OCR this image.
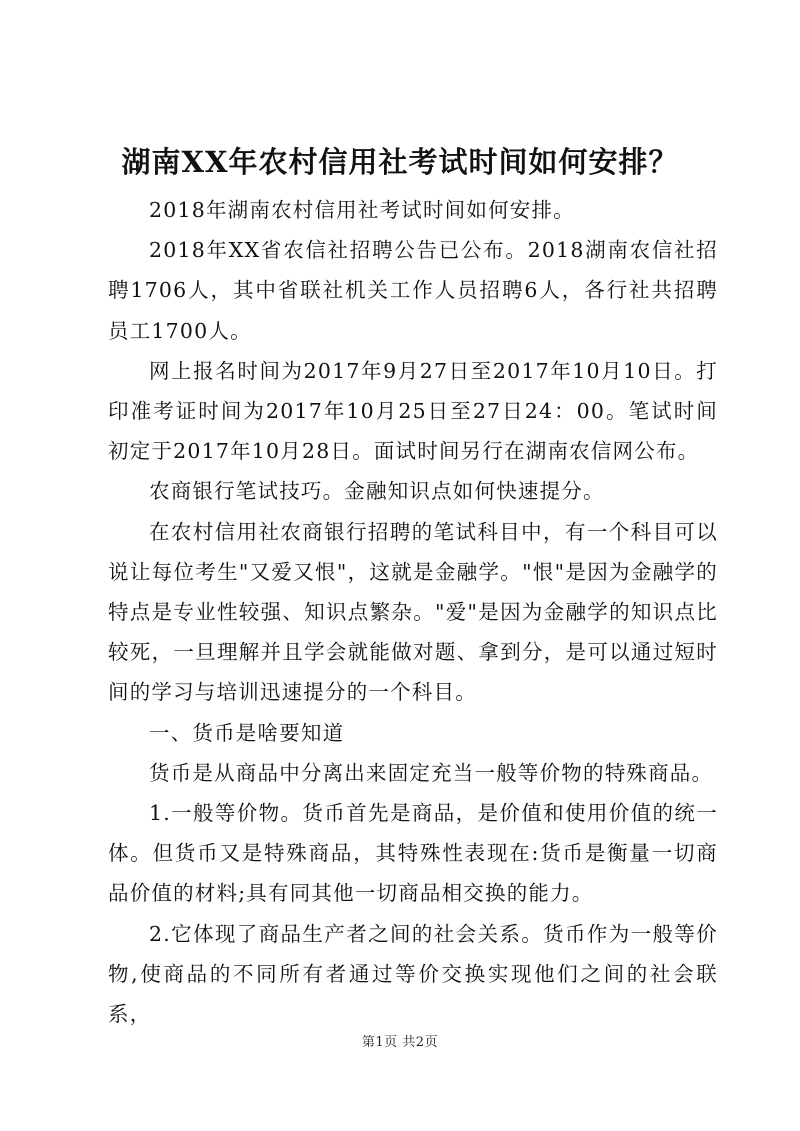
湖南XX年农村信用社考试时间如何安排？

2018年湖南农村信用社考试时间如何安排。

2018年XX省农信社招聘公告已公布。2018湖南农信社招聘1706人，其中省联社机关工作人员招聘6人，各行社共招聘员工1700人。

网上报名时间为2017年9月27日至2017年10月10日。打印准考证时间为2017年10月25日至27日24：00。笔试时间初定于2017年10月28日。面试时间另行在湖南农信网公布。

农商银行笔试技巧。金融知识点如何快速提分。

在农村信用社农商银行招聘的笔试科目中，有一个科目可以说让每位考生"又爱又恨"，这就是金融学。"恨"是因为金融学的特点是专业性较强、知识点繁杂。"爱"是因为金融学的知识点比较死，一旦理解并且学会就能做对题、拿到分，是可以通过短时间的学习与培训迅速提分的一个科目。

一、货币是啥要知道

货币是从商品中分离出来固定充当一般等价物的特殊商品。

1.一般等价物。货币首先是商品，是价值和使用价值的统一体。但货币又是特殊商品，其特殊性表现在:货币是衡量一切商品价值的材料;具有同其他一切商品相交换的能力。

2.它体现了商品生产者之间的社会关系。货币作为一般等价物,使商品的不同所有者通过等价交换实现他们之间的社会联系，

第1页 共2页
